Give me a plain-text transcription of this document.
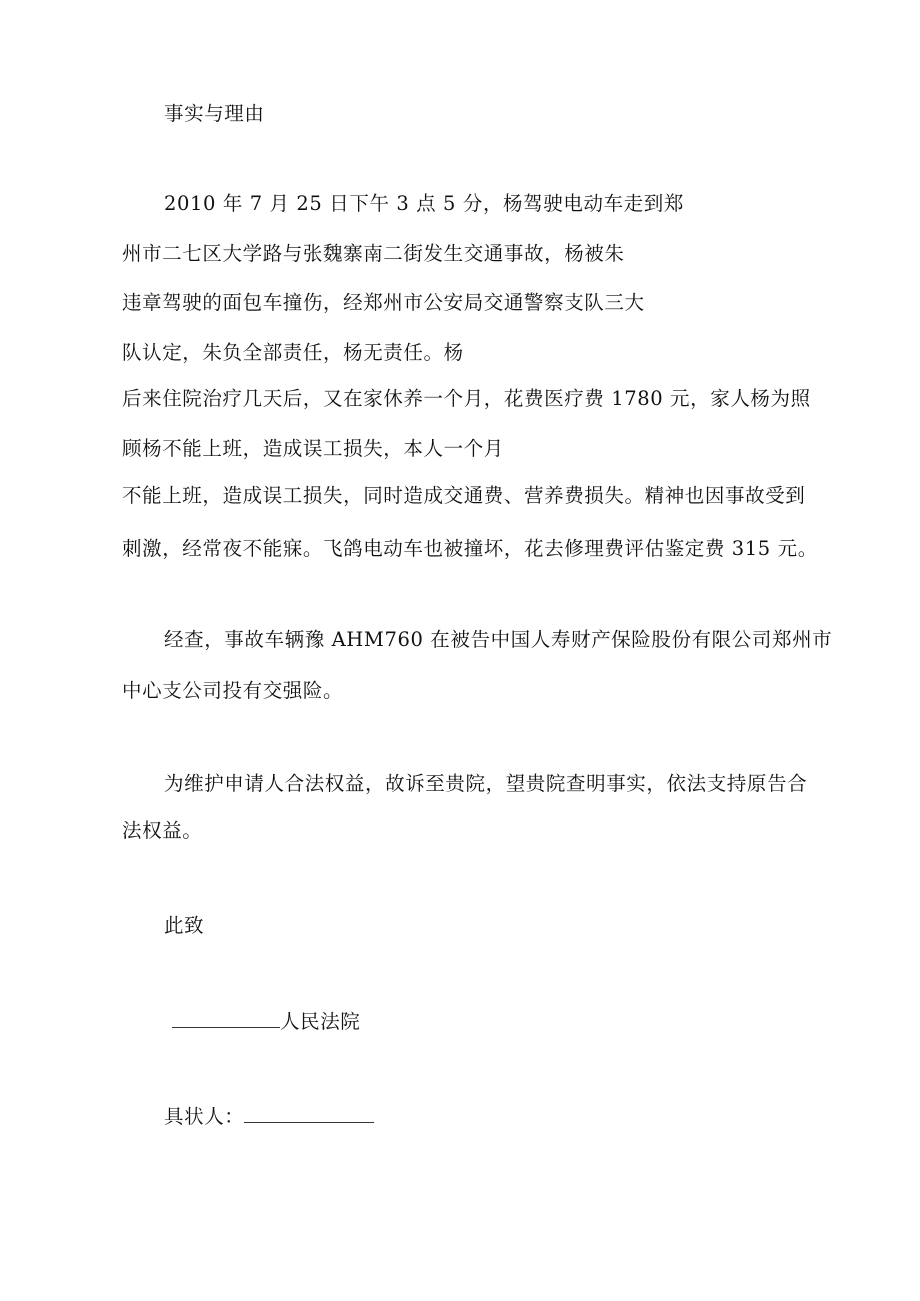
事实与理由
2010 年 7 月 25 日下午 3 点 5 分，杨驾驶电动车走到郑
州市二七区大学路与张魏寨南二街发生交通事故，杨被朱
违章驾驶的面包车撞伤，经郑州市公安局交通警察支队三大
队认定，朱负全部责任，杨无责任。杨
后来住院治疗几天后，又在家休养一个月，花费医疗费 1780 元，家人杨为照
顾杨不能上班，造成误工损失，本人一个月
不能上班，造成误工损失，同时造成交通费、营养费损失。精神也因事故受到
刺激，经常夜不能寐。飞鸽电动车也被撞坏，花去修理费评估鉴定费 315 元。
经查，事故车辆豫 AHM760 在被告中国人寿财产保险股份有限公司郑州市
中心支公司投有交强险。
为维护申请人合法权益，故诉至贵院，望贵院查明事实，依法支持原告合
法权益。
此致
人民法院
具状人：
